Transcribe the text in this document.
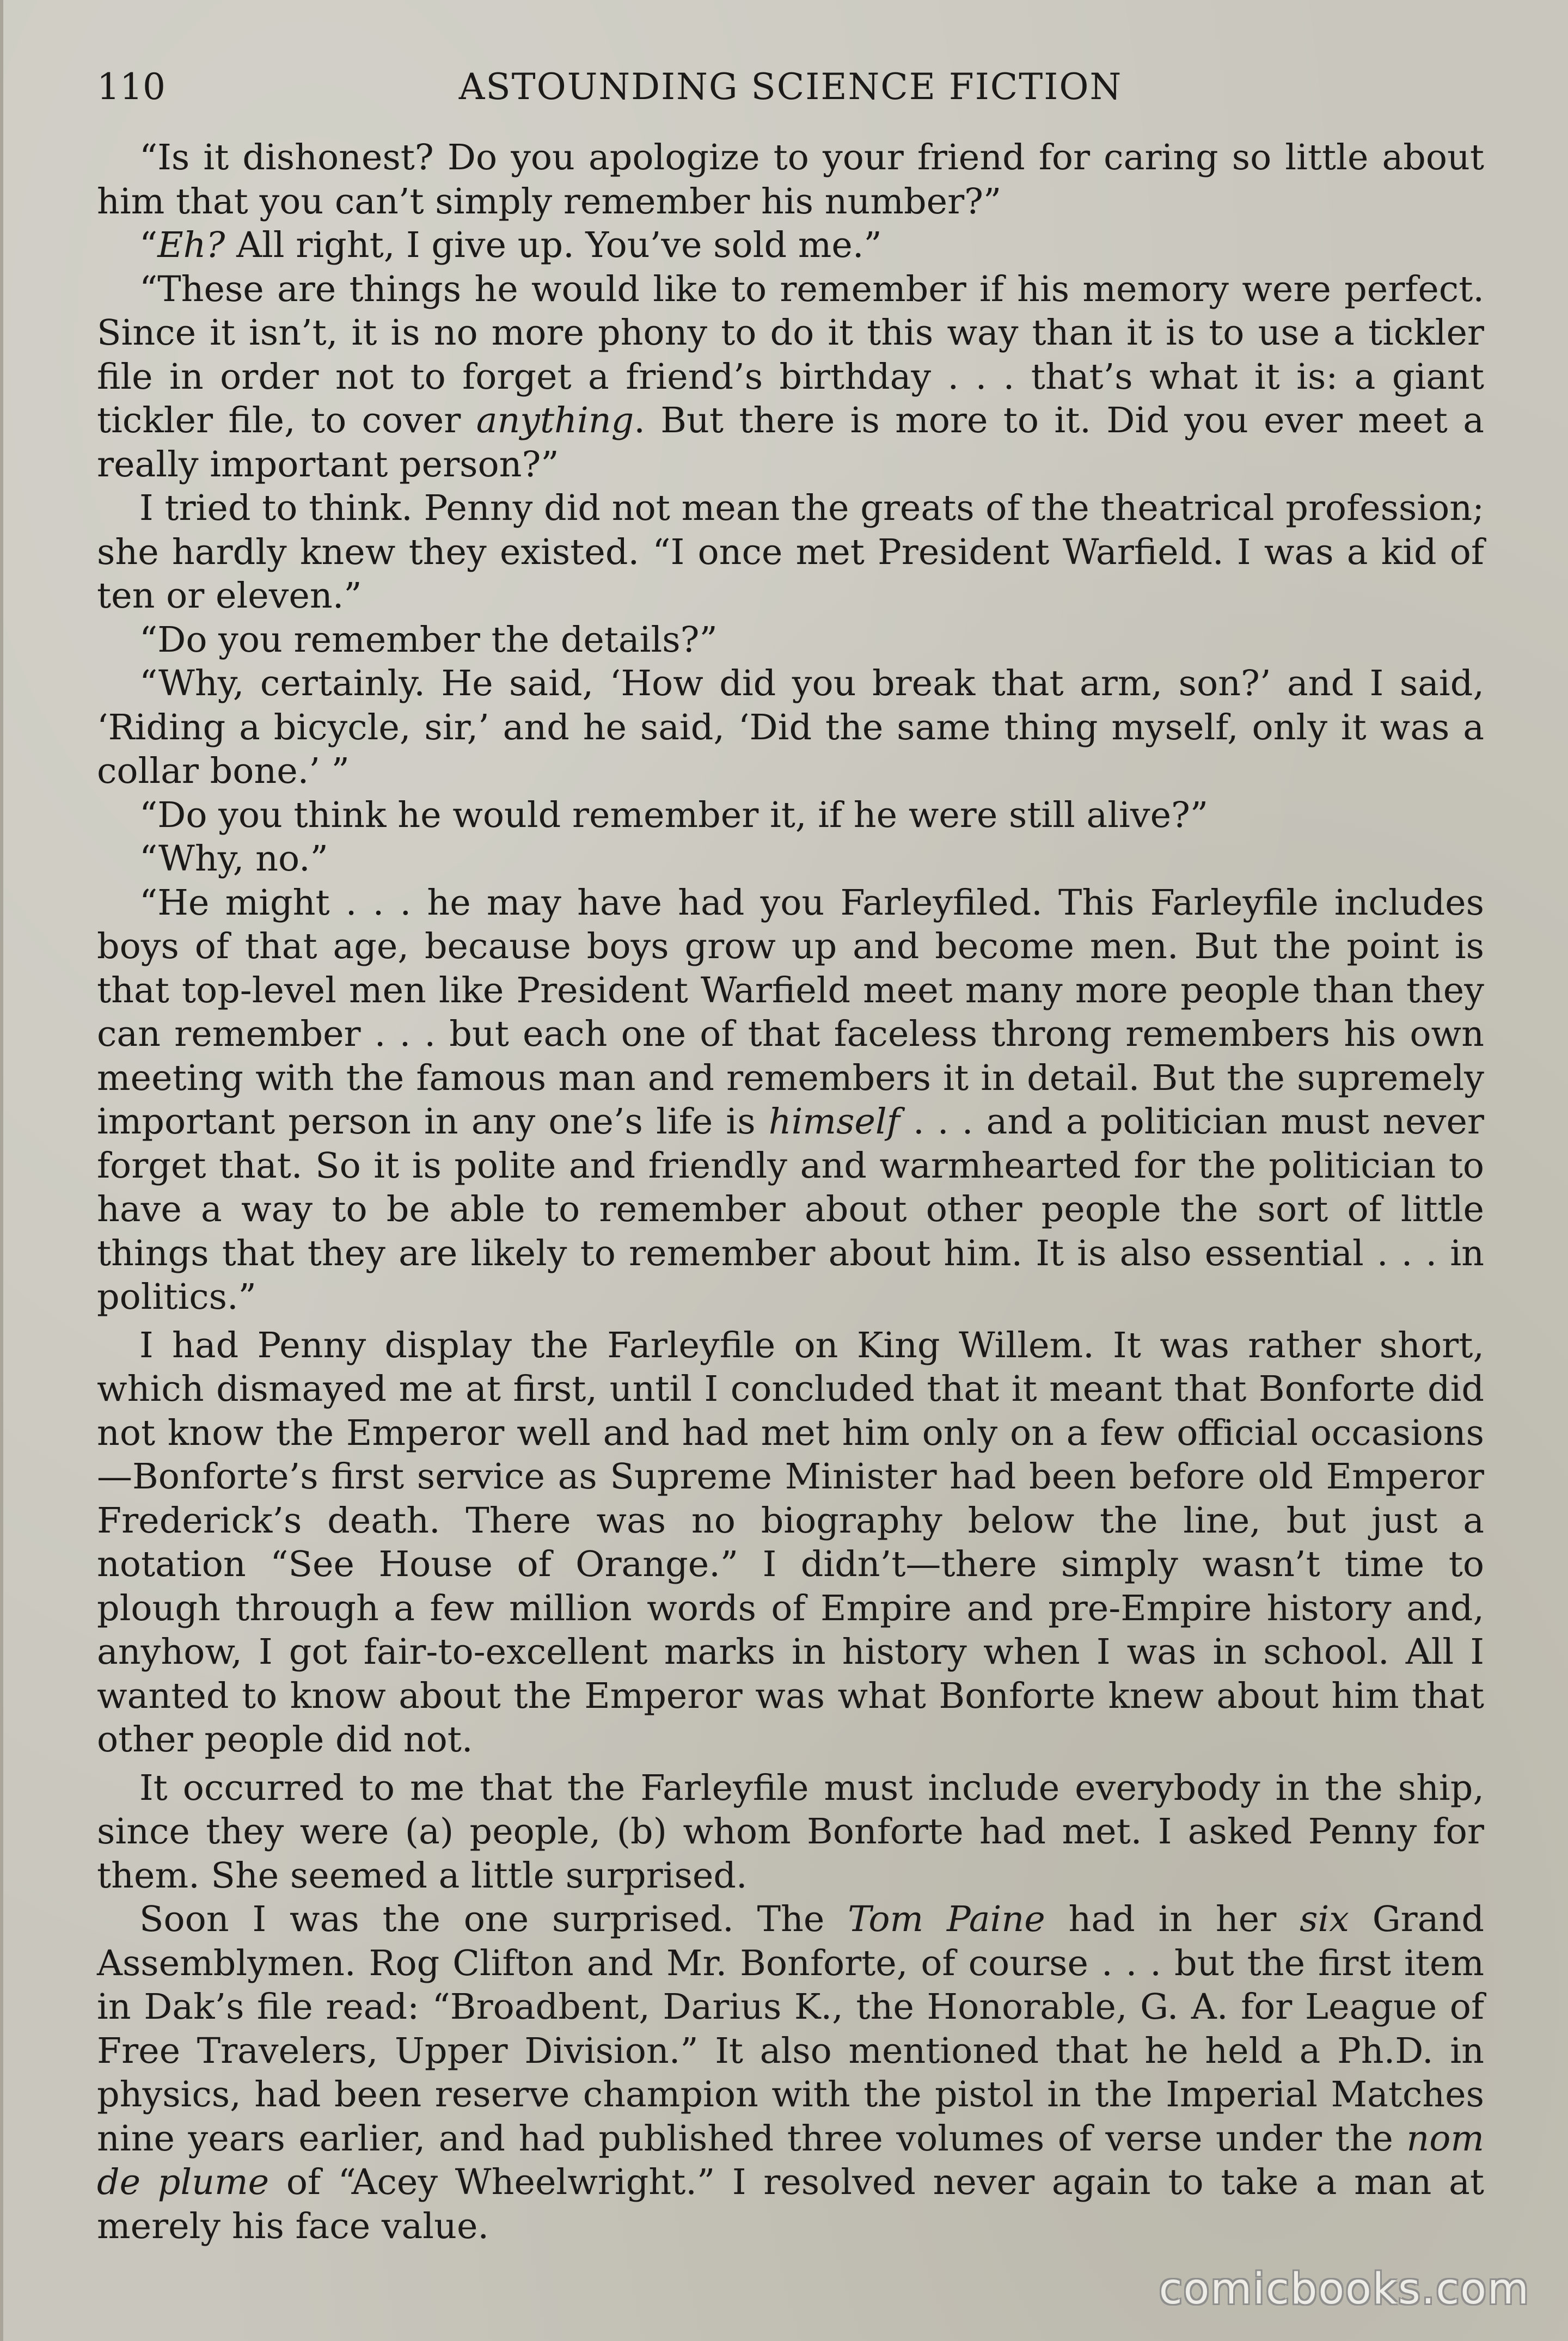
110	ASTOUNDING SCIENCE FICTION

“Is it dishonest? Do you apologize to your friend for caring so little about him that you can’t simply remember his number?”

“Eh? All right, I give up. You’ve sold me.”

“These are things he would like to remember if his memory were perfect. Since it isn’t, it is no more phony to do it this way than it is to use a tickler file in order not to forget a friend’s birthday . . . that’s what it is: a giant tickler file, to cover anything. But there is more to it. Did you ever meet a really important person?”

I tried to think. Penny did not mean the greats of the theatrical profession; she hardly knew they existed. “I once met President Warfield. I was a kid of ten or eleven.”

“Do you remember the details?”

“Why, certainly. He said, ‘How did you break that arm, son?’ and I said, ‘Riding a bicycle, sir,’ and he said, ‘Did the same thing myself, only it was a collar bone.’ ”

“Do you think he would remember it, if he were still alive?”

“Why, no.”

“He might . . . he may have had you Farleyfiled. This Farleyfile includes boys of that age, because boys grow up and become men. But the point is that top-level men like President Warfield meet many more people than they can remember . . . but each one of that faceless throng remembers his own meeting with the famous man and remembers it in detail. But the supremely important person in any one’s life is himself . . . and a politician must never forget that. So it is polite and friendly and warmhearted for the politician to have a way to be able to remember about other people the sort of little things that they are likely to remember about him. It is also essential . . . in politics.”

I had Penny display the Farleyfile on King Willem. It was rather short, which dismayed me at first, until I concluded that it meant that Bonforte did not know the Emperor well and had met him only on a few official occasions —Bonforte’s first service as Supreme Minister had been before old Emperor Frederick’s death. There was no biography below the line, but just a notation “See House of Orange.” I didn’t—there simply wasn’t time to plough through a few million words of Empire and pre-Empire history and, anyhow, I got fair-to-excellent marks in history when I was in school. All I wanted to know about the Emperor was what Bonforte knew about him that other people did not.

It occurred to me that the Farleyfile must include everybody in the ship, since they were (a) people, (b) whom Bonforte had met. I asked Penny for them. She seemed a little surprised.

Soon I was the one surprised. The Tom Paine had in her six Grand Assemblymen. Rog Clifton and Mr. Bonforte, of course . . . but the first item in Dak’s file read: “Broadbent, Darius K., the Honorable, G. A. for League of Free Travelers, Upper Division.” It also mentioned that he held a Ph.D. in physics, had been reserve champion with the pistol in the Imperial Matches nine years earlier, and had published three volumes of verse under the nom de plume of “Acey Wheelwright.” I resolved never again to take a man at merely his face value.

comicbooks.com
